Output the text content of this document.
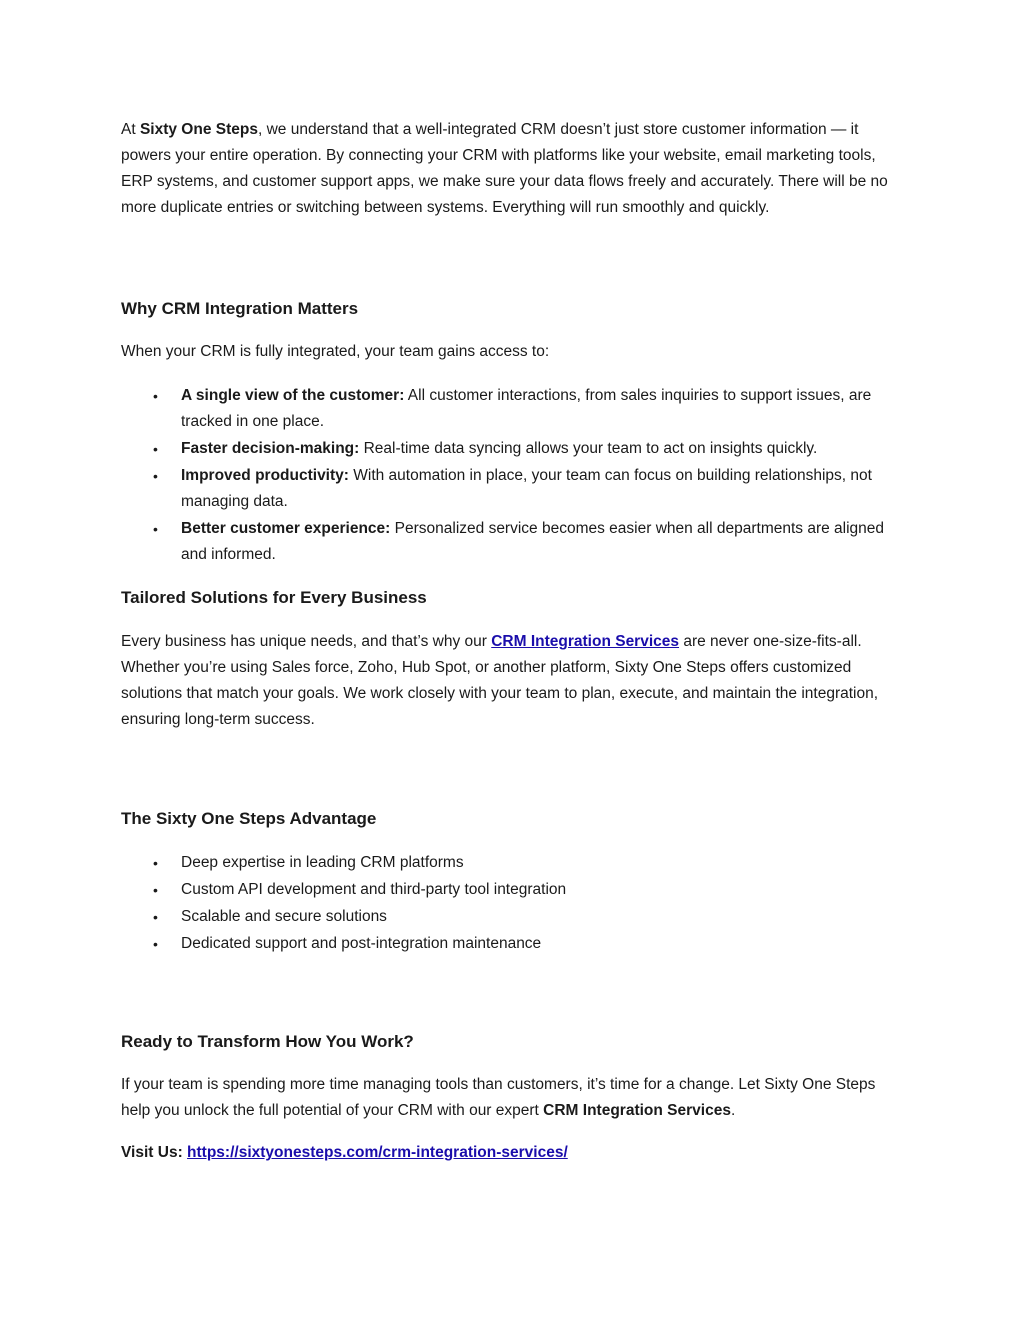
At Sixty One Steps, we understand that a well-integrated CRM doesn’t just store customer information — it powers your entire operation. By connecting your CRM with platforms like your website, email marketing tools, ERP systems, and customer support apps, we make sure your data flows freely and accurately. There will be no more duplicate entries or switching between systems. Everything will run smoothly and quickly.

Why CRM Integration Matters

When your CRM is fully integrated, your team gains access to:

• A single view of the customer: All customer interactions, from sales inquiries to support issues, are tracked in one place.
• Faster decision-making: Real-time data syncing allows your team to act on insights quickly.
• Improved productivity: With automation in place, your team can focus on building relationships, not managing data.
• Better customer experience: Personalized service becomes easier when all departments are aligned and informed.
Tailored Solutions for Every Business

Every business has unique needs, and that’s why our CRM Integration Services are never one-size-fits-all. Whether you’re using Sales force, Zoho, Hub Spot, or another platform, Sixty One Steps offers customized solutions that match your goals. We work closely with your team to plan, execute, and maintain the integration, ensuring long-term success.

The Sixty One Steps Advantage
• Deep expertise in leading CRM platforms
• Custom API development and third-party tool integration
• Scalable and secure solutions
• Dedicated support and post-integration maintenance
Ready to Transform How You Work?

If your team is spending more time managing tools than customers, it’s time for a change. Let Sixty One Steps help you unlock the full potential of your CRM with our expert CRM Integration Services.

Visit Us: https://sixtyonesteps.com/crm-integration-services/
